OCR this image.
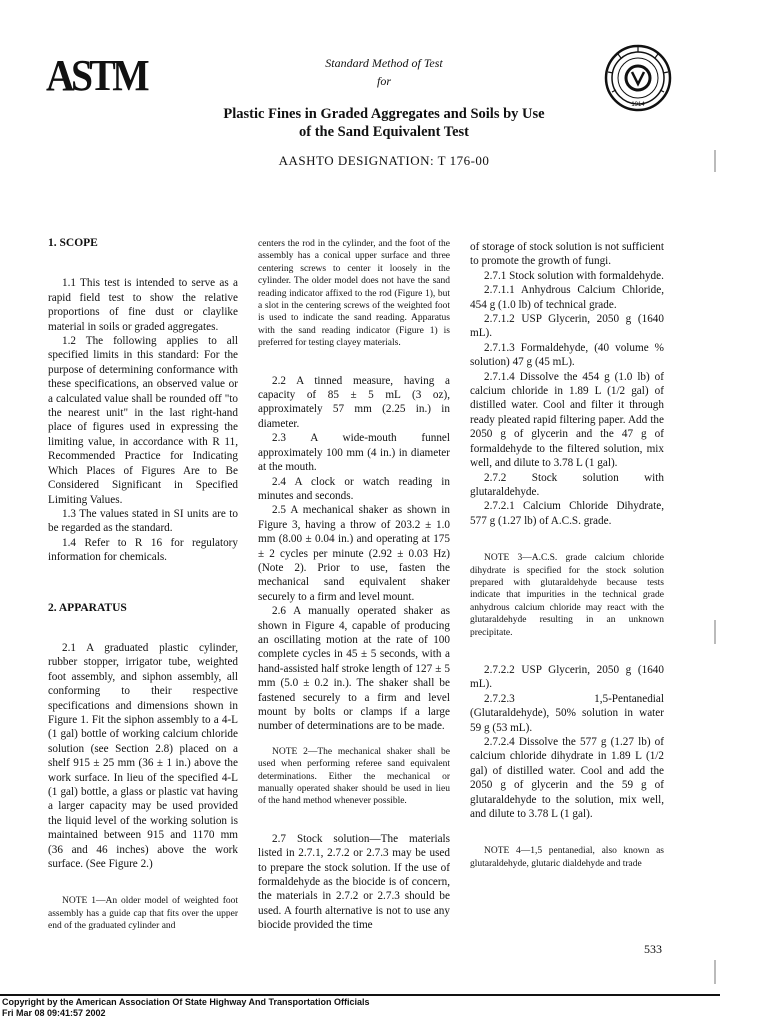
ASTM
1914
Standard Method of Test
for
Plastic Fines in Graded Aggregates and Soils by Use
of the Sand Equivalent Test
AASHTO DESIGNATION: T 176-00

1. SCOPE

1.1 This test is intended to serve as a rapid field test to show the relative proportions of fine dust or claylike material in soils or graded aggregates.

1.2 The following applies to all specified limits in this standard: For the purpose of determining conformance with these specifications, an observed value or a calculated value shall be rounded off "to the nearest unit" in the last right-hand place of figures used in expressing the limiting value, in accordance with R 11, Recommended Practice for Indicating Which Places of Figures Are to Be Considered Significant in Specified Limiting Values.

1.3 The values stated in SI units are to be regarded as the standard.

1.4 Refer to R 16 for regulatory information for chemicals.

2. APPARATUS

2.1 A graduated plastic cylinder, rubber stopper, irrigator tube, weighted foot assembly, and siphon assembly, all conforming to their respective specifications and dimensions shown in Figure 1. Fit the siphon assembly to a 4-L (1 gal) bottle of working calcium chloride solution (see Section 2.8) placed on a shelf 915 ± 25 mm (36 ± 1 in.) above the work surface. In lieu of the specified 4-L (1 gal) bottle, a glass or plastic vat having a larger capacity may be used provided the liquid level of the working solution is maintained between 915 and 1170 mm (36 and 46 inches) above the work surface. (See Figure 2.)

NOTE 1—An older model of weighted foot assembly has a guide cap that fits over the upper end of the graduated cylinder and

centers the rod in the cylinder, and the foot of the assembly has a conical upper surface and three centering screws to center it loosely in the cylinder. The older model does not have the sand reading indicator affixed to the rod (Figure 1), but a slot in the centering screws of the weighted foot is used to indicate the sand reading. Apparatus with the sand reading indicator (Figure 1) is preferred for testing clayey materials.

2.2 A tinned measure, having a capacity of 85 ± 5 mL (3 oz), approximately 57 mm (2.25 in.) in diameter.

2.3 A wide-mouth funnel approximately 100 mm (4 in.) in diameter at the mouth.

2.4 A clock or watch reading in minutes and seconds.

2.5 A mechanical shaker as shown in Figure 3, having a throw of 203.2 ± 1.0 mm (8.00 ± 0.04 in.) and operating at 175 ± 2 cycles per minute (2.92 ± 0.03 Hz) (Note 2). Prior to use, fasten the mechanical sand equivalent shaker securely to a firm and level mount.

2.6 A manually operated shaker as shown in Figure 4, capable of producing an oscillating motion at the rate of 100 complete cycles in 45 ± 5 seconds, with a hand-assisted half stroke length of 127 ± 5 mm (5.0 ± 0.2 in.). The shaker shall be fastened securely to a firm and level mount by bolts or clamps if a large number of determinations are to be made.

NOTE 2—The mechanical shaker shall be used when performing referee sand equivalent determinations. Either the mechanical or manually operated shaker should be used in lieu of the hand method whenever possible.

2.7 Stock solution—The materials listed in 2.7.1, 2.7.2 or 2.7.3 may be used to prepare the stock solution. If the use of formaldehyde as the biocide is of concern, the materials in 2.7.2 or 2.7.3 should be used. A fourth alternative is not to use any biocide provided the time

of storage of stock solution is not sufficient to promote the growth of fungi.

2.7.1 Stock solution with formaldehyde.

2.7.1.1 Anhydrous Calcium Chloride, 454 g (1.0 lb) of technical grade.

2.7.1.2 USP Glycerin, 2050 g (1640 mL).

2.7.1.3 Formaldehyde, (40 volume % solution) 47 g (45 mL).

2.7.1.4 Dissolve the 454 g (1.0 lb) of calcium chloride in 1.89 L (1/2 gal) of distilled water. Cool and filter it through ready pleated rapid filtering paper. Add the 2050 g of glycerin and the 47 g of formaldehyde to the filtered solution, mix well, and dilute to 3.78 L (1 gal).

2.7.2 Stock solution with glutaraldehyde.

2.7.2.1 Calcium Chloride Dihydrate, 577 g (1.27 lb) of A.C.S. grade.

NOTE 3—A.C.S. grade calcium chloride dihydrate is specified for the stock solution prepared with glutaraldehyde because tests indicate that impurities in the technical grade anhydrous calcium chloride may react with the glutaraldehyde resulting in an unknown precipitate.

2.7.2.2 USP Glycerin, 2050 g (1640 mL).

2.7.2.3 1,5-Pentanedial (Glutaraldehyde), 50% solution in water 59 g (53 mL).

2.7.2.4 Dissolve the 577 g (1.27 lb) of calcium chloride dihydrate in 1.89 L (1/2 gal) of distilled water. Cool and add the 2050 g of glycerin and the 59 g of glutaraldehyde to the solution, mix well, and dilute to 3.78 L (1 gal).

NOTE 4—1,5 pentanedial, also known as glutaraldehyde, glutaric dialdehyde and trade

533
Copyright by the American Association Of State Highway And Transportation Officials
Fri Mar 08 09:41:57 2002
